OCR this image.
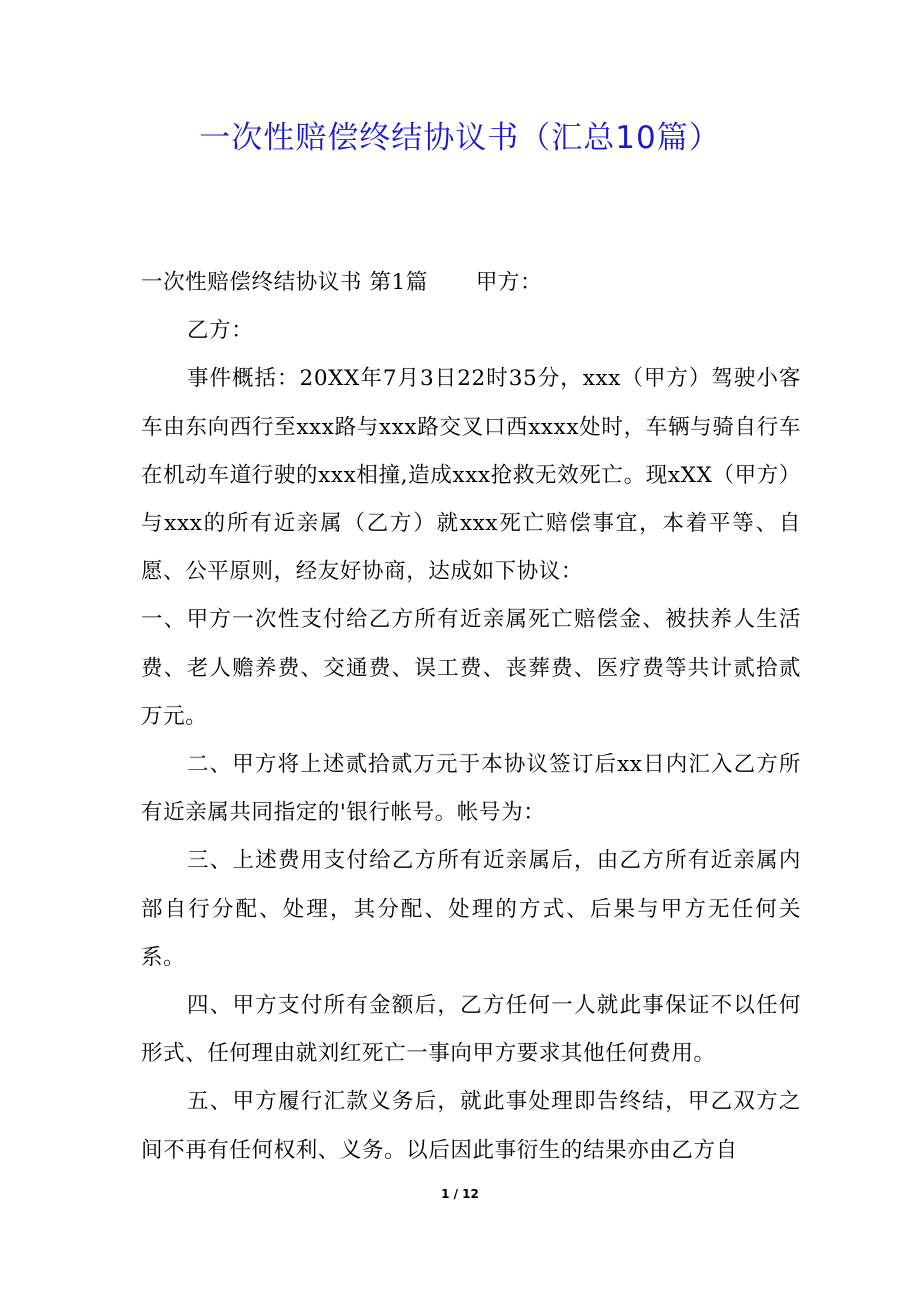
一次性赔偿终结协议书（汇总10篇）

一次性赔偿终结协议书 第1篇 甲方：

乙方：

事件概括：20XX年7月3日22时35分，xxx（甲方）驾驶小客车由东向西行至xxx路与xxx路交叉口西xxxx处时，车辆与骑自行车在机动车道行驶的xxx相撞,造成xxx抢救无效死亡。现xXX（甲方）与xxx的所有近亲属（乙方）就xxx死亡赔偿事宜，本着平等、自愿、公平原则，经友好协商，达成如下协议：

一、甲方一次性支付给乙方所有近亲属死亡赔偿金、被扶养人生活费、老人赡养费、交通费、误工费、丧葬费、医疗费等共计贰拾贰万元。

二、甲方将上述贰拾贰万元于本协议签订后xx日内汇入乙方所有近亲属共同指定的'银行帐号。帐号为：

三、上述费用支付给乙方所有近亲属后，由乙方所有近亲属内部自行分配、处理，其分配、处理的方式、后果与甲方无任何关系。

四、甲方支付所有金额后，乙方任何一人就此事保证不以任何形式、任何理由就刘红死亡一事向甲方要求其他任何费用。

五、甲方履行汇款义务后，就此事处理即告终结，甲乙双方之间不再有任何权利、义务。以后因此事衍生的结果亦由乙方自

1 / 12
